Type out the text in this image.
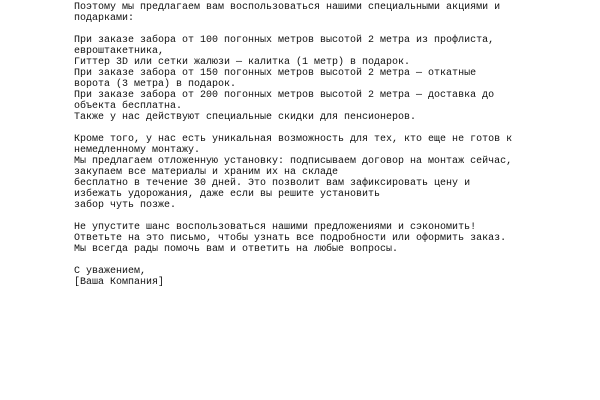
Поэтому мы предлагаем вам воспользоваться нашими специальными акциями и
подарками:
При заказе забора от 100 погонных метров высотой 2 метра из профлиста,
евроштакетника,
Гиттер 3D или сетки жалюзи — калитка (1 метр) в подарок.
При заказе забора от 150 погонных метров высотой 2 метра — откатные
ворота (3 метра) в подарок.
При заказе забора от 200 погонных метров высотой 2 метра — доставка до
объекта бесплатна.
Также у нас действуют специальные скидки для пенсионеров.
Кроме того, у нас есть уникальная возможность для тех, кто еще не готов к
немедленному монтажу.
Мы предлагаем отложенную установку: подписываем договор на монтаж сейчас,
закупаем все материалы и храним их на складе
бесплатно в течение 30 дней. Это позволит вам зафиксировать цену и
избежать удорожания, даже если вы решите установить
забор чуть позже.
Не упустите шанс воспользоваться нашими предложениями и сэкономить!
Ответьте на это письмо, чтобы узнать все подробности или оформить заказ.
Мы всегда рады помочь вам и ответить на любые вопросы.
С уважением,
[Ваша Компания]
